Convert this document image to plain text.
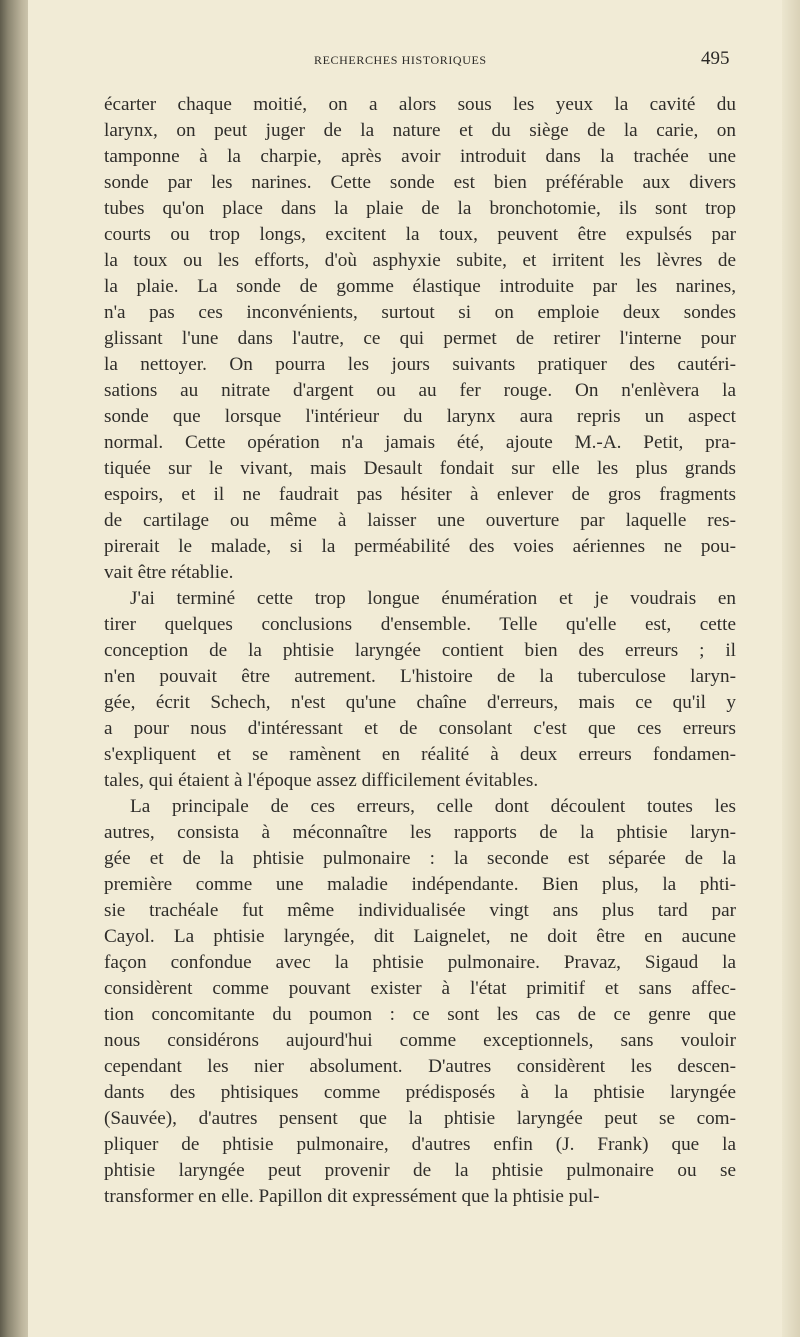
RECHERCHES HISTORIQUES	495
écarter chaque moitié, on a alors sous les yeux la cavité du
larynx, on peut juger de la nature et du siège de la carie, on
tamponne à la charpie, après avoir introduit dans la trachée une
sonde par les narines. Cette sonde est bien préférable aux divers
tubes qu'on place dans la plaie de la bronchotomie, ils sont trop
courts ou trop longs, excitent la toux, peuvent être expulsés par
la toux ou les efforts, d'où asphyxie subite, et irritent les lèvres de
la plaie. La sonde de gomme élastique introduite par les narines,
n'a pas ces inconvénients, surtout si on emploie deux sondes
glissant l'une dans l'autre, ce qui permet de retirer l'interne pour
la nettoyer. On pourra les jours suivants pratiquer des cautéri-
sations au nitrate d'argent ou au fer rouge. On n'enlèvera la
sonde que lorsque l'intérieur du larynx aura repris un aspect
normal. Cette opération n'a jamais été, ajoute M.-A. Petit, pra-
tiquée sur le vivant, mais Desault fondait sur elle les plus grands
espoirs, et il ne faudrait pas hésiter à enlever de gros fragments
de cartilage ou même à laisser une ouverture par laquelle res-
pirerait le malade, si la perméabilité des voies aériennes ne pou-
vait être rétablie.
J'ai terminé cette trop longue énumération et je voudrais en
tirer quelques conclusions d'ensemble. Telle qu'elle est, cette
conception de la phtisie laryngée contient bien des erreurs ; il
n'en pouvait être autrement. L'histoire de la tuberculose laryn-
gée, écrit Schech, n'est qu'une chaîne d'erreurs, mais ce qu'il y
a pour nous d'intéressant et de consolant c'est que ces erreurs
s'expliquent et se ramènent en réalité à deux erreurs fondamen-
tales, qui étaient à l'époque assez difficilement évitables.
La principale de ces erreurs, celle dont découlent toutes les
autres, consista à méconnaître les rapports de la phtisie laryn-
gée et de la phtisie pulmonaire : la seconde est séparée de la
première comme une maladie indépendante. Bien plus, la phti-
sie trachéale fut même individualisée vingt ans plus tard par
Cayol. La phtisie laryngée, dit Laignelet, ne doit être en aucune
façon confondue avec la phtisie pulmonaire. Pravaz, Sigaud la
considèrent comme pouvant exister à l'état primitif et sans affec-
tion concomitante du poumon : ce sont les cas de ce genre que
nous considérons aujourd'hui comme exceptionnels, sans vouloir
cependant les nier absolument. D'autres considèrent les descen-
dants des phtisiques comme prédisposés à la phtisie laryngée
(Sauvée), d'autres pensent que la phtisie laryngée peut se com-
pliquer de phtisie pulmonaire, d'autres enfin (J. Frank) que la
phtisie laryngée peut provenir de la phtisie pulmonaire ou se
transformer en elle. Papillon dit expressément que la phtisie pul-
